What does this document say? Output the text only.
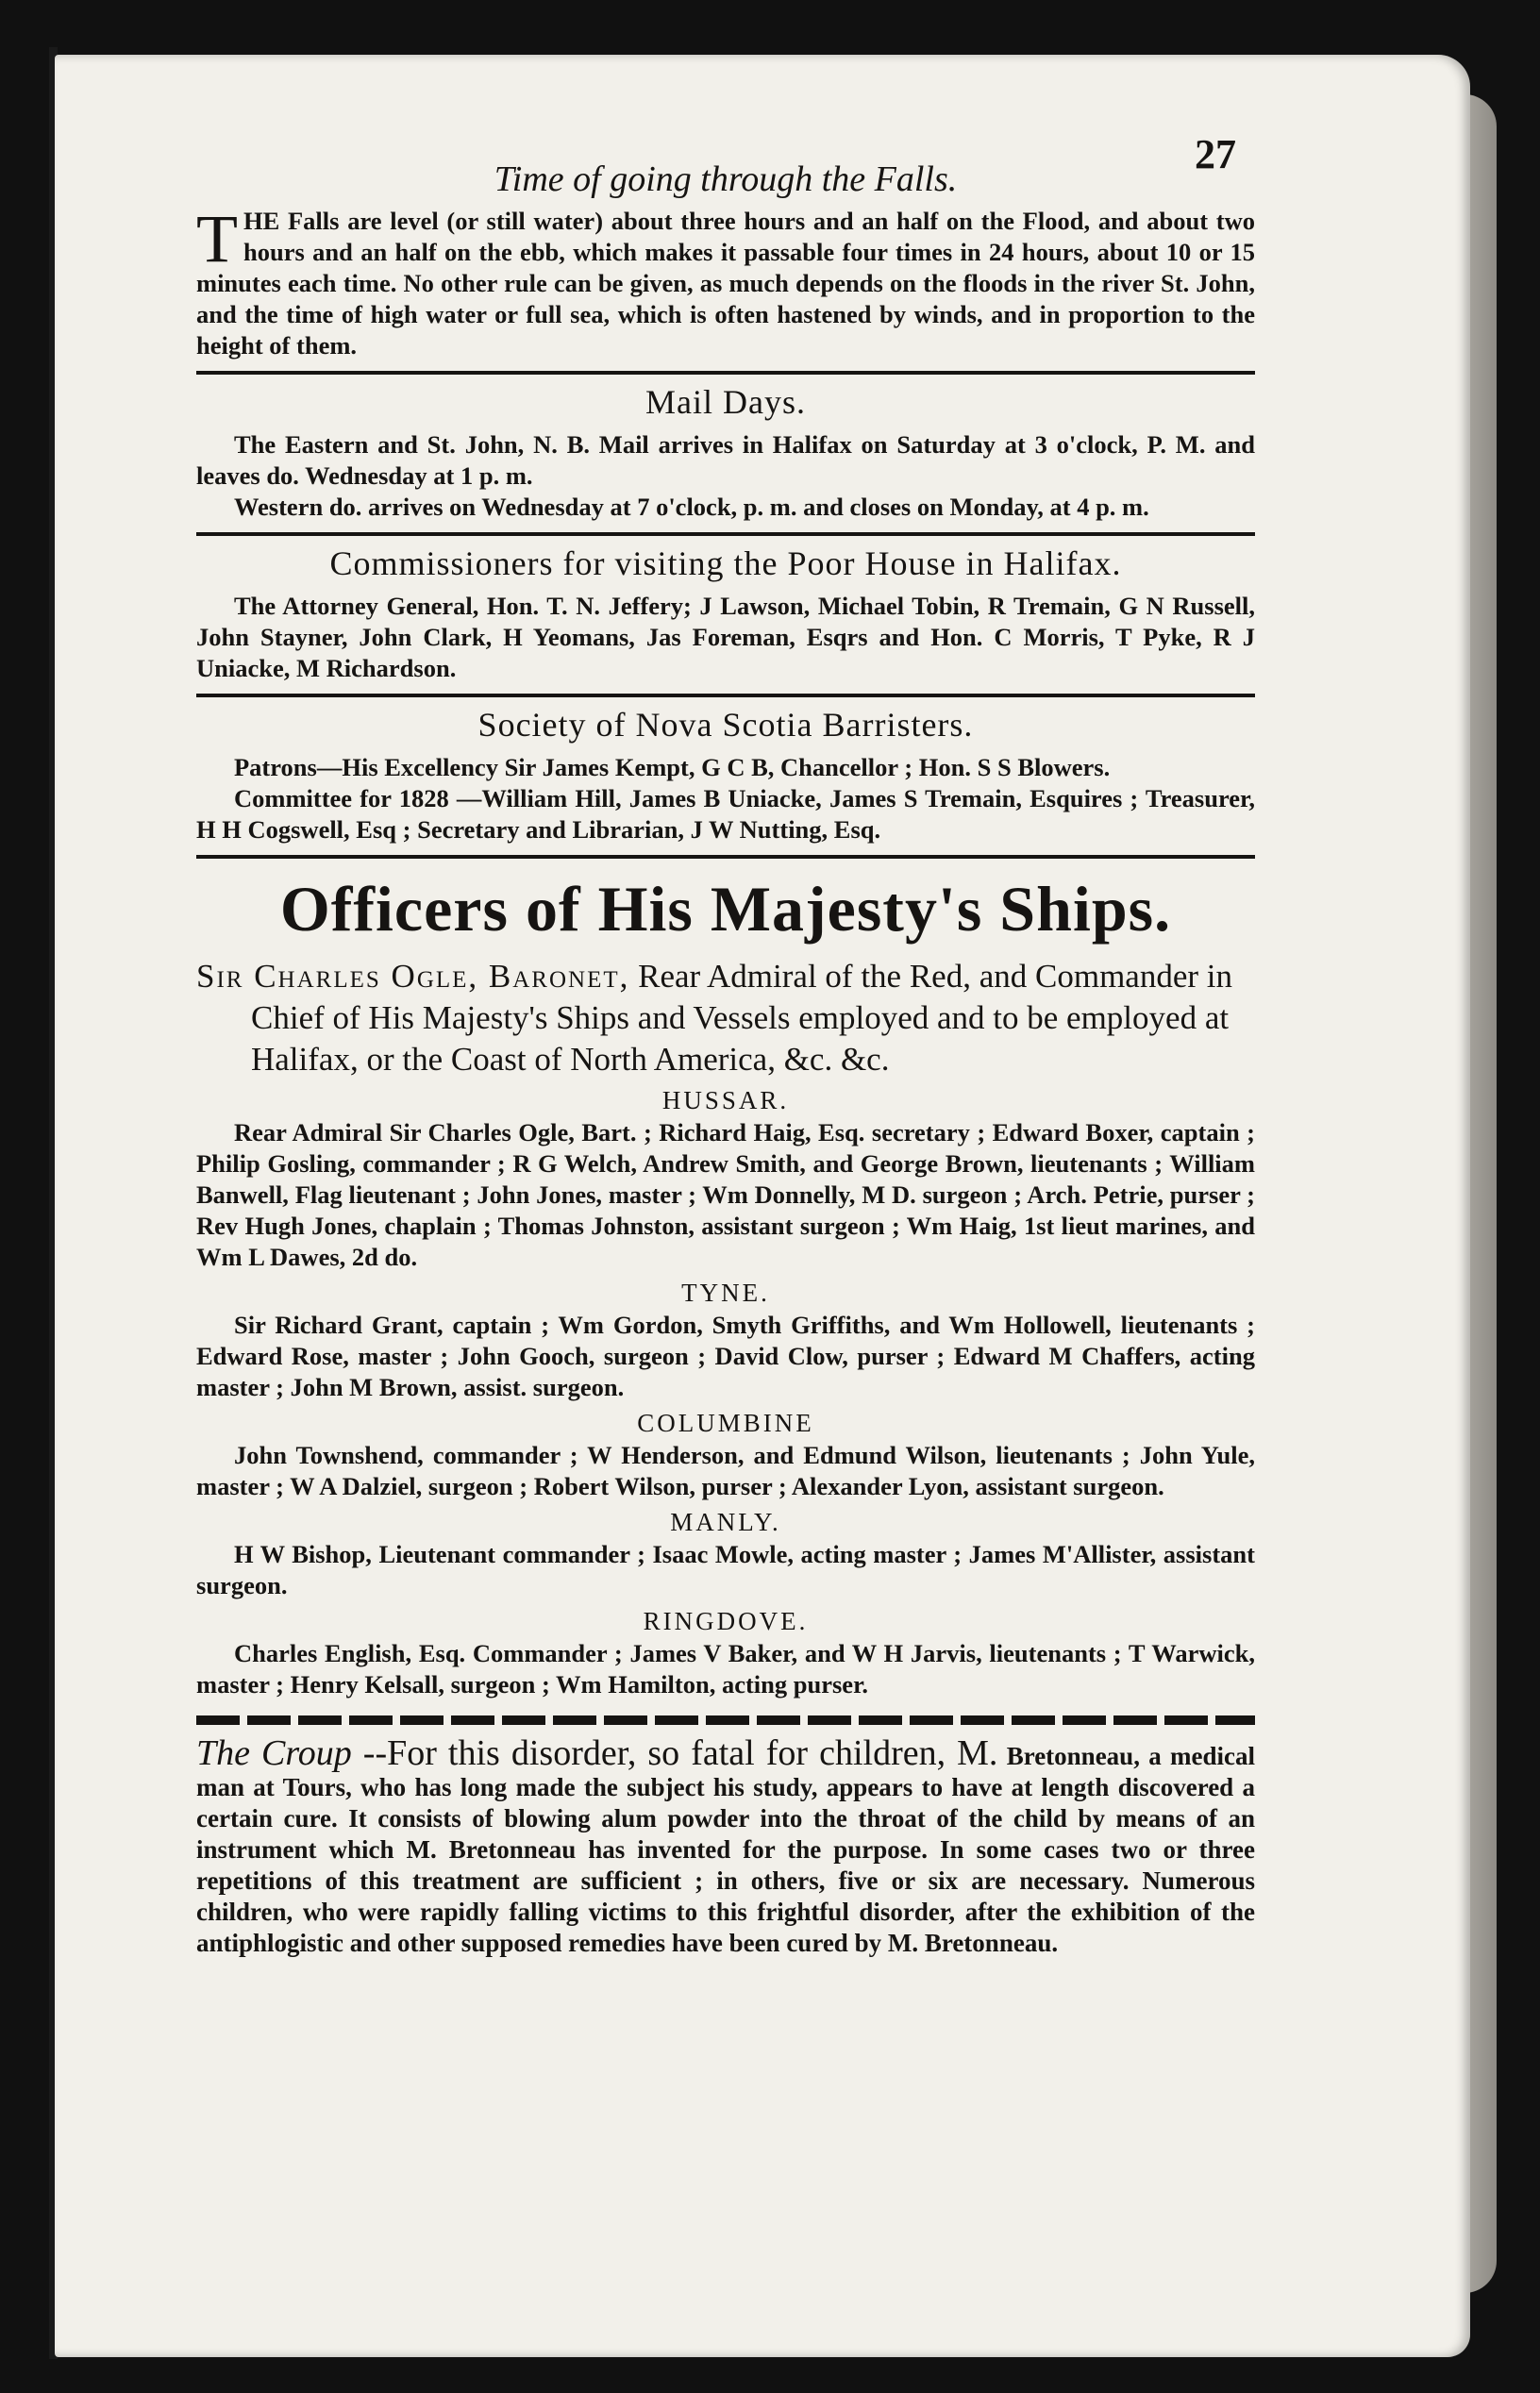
27

Time of going through the Falls.

T HE Falls are level (or still water) about three hours and an half on the Flood, and about two hours and an half on the ebb, which makes it passable four times in 24 hours, about 10 or 15 minutes each time. No other rule can be given, as much depends on the floods in the river St. John, and the time of high water or full sea, which is often hastened by winds, and in proportion to the height of them.

Mail Days.

The Eastern and St. John, N. B. Mail arrives in Halifax on Saturday at 3 o'clock, P. M. and leaves do. Wednesday at 1 p. m.

Western do. arrives on Wednesday at 7 o'clock, p. m. and closes on Monday, at 4 p. m.

Commissioners for visiting the Poor House in Halifax.

The Attorney General, Hon. T. N. Jeffery; J Lawson, Michael Tobin, R Tremain, G N Russell, John Stayner, John Clark, H Yeomans, Jas Foreman, Esqrs and Hon. C Morris, T Pyke, R J Uniacke, M Richardson.

Society of Nova Scotia Barristers.

Patrons—His Excellency Sir James Kempt, G C B, Chancellor ; Hon. S S Blowers.

Committee for 1828 —William Hill, James B Uniacke, James S Tremain, Esquires ; Treasurer, H H Cogswell, Esq ; Secretary and Librarian, J W Nutting, Esq.

Officers of His Majesty's Ships.

Sir Charles Ogle, Baronet, Rear Admiral of the Red, and Commander in Chief of His Majesty's Ships and Vessels employed and to be employed at Halifax, or the Coast of North America, &c. &c.

HUSSAR.

Rear Admiral Sir Charles Ogle, Bart. ; Richard Haig, Esq. secretary ; Edward Boxer, captain ; Philip Gosling, commander ; R G Welch, Andrew Smith, and George Brown, lieutenants ; William Banwell, Flag lieutenant ; John Jones, master ; Wm Donnelly, M D. surgeon ; Arch. Petrie, purser ; Rev Hugh Jones, chaplain ; Thomas Johnston, assistant surgeon ; Wm Haig, 1st lieut marines, and Wm L Dawes, 2d do.

TYNE.

Sir Richard Grant, captain ; Wm Gordon, Smyth Griffiths, and Wm Hollowell, lieutenants ; Edward Rose, master ; John Gooch, surgeon ; David Clow, purser ; Edward M Chaffers, acting master ; John M Brown, assist. surgeon.

COLUMBINE

John Townshend, commander ; W Henderson, and Edmund Wilson, lieutenants ; John Yule, master ; W A Dalziel, surgeon ; Robert Wilson, purser ; Alexander Lyon, assistant surgeon.

MANLY.

H W Bishop, Lieutenant commander ; Isaac Mowle, acting master ; James M'Allister, assistant surgeon.

RINGDOVE.

Charles English, Esq. Commander ; James V Baker, and W H Jarvis, lieutenants ; T Warwick, master ; Henry Kelsall, surgeon ; Wm Hamilton, acting purser.

The Croup --For this disorder, so fatal for children, M. Bretonneau, a medical man at Tours, who has long made the subject his study, appears to have at length discovered a certain cure. It consists of blowing alum powder into the throat of the child by means of an instrument which M. Bretonneau has invented for the purpose. In some cases two or three repetitions of this treatment are sufficient ; in others, five or six are necessary. Numerous children, who were rapidly falling victims to this frightful disorder, after the exhibition of the antiphlogistic and other supposed remedies have been cured by M. Bretonneau.
